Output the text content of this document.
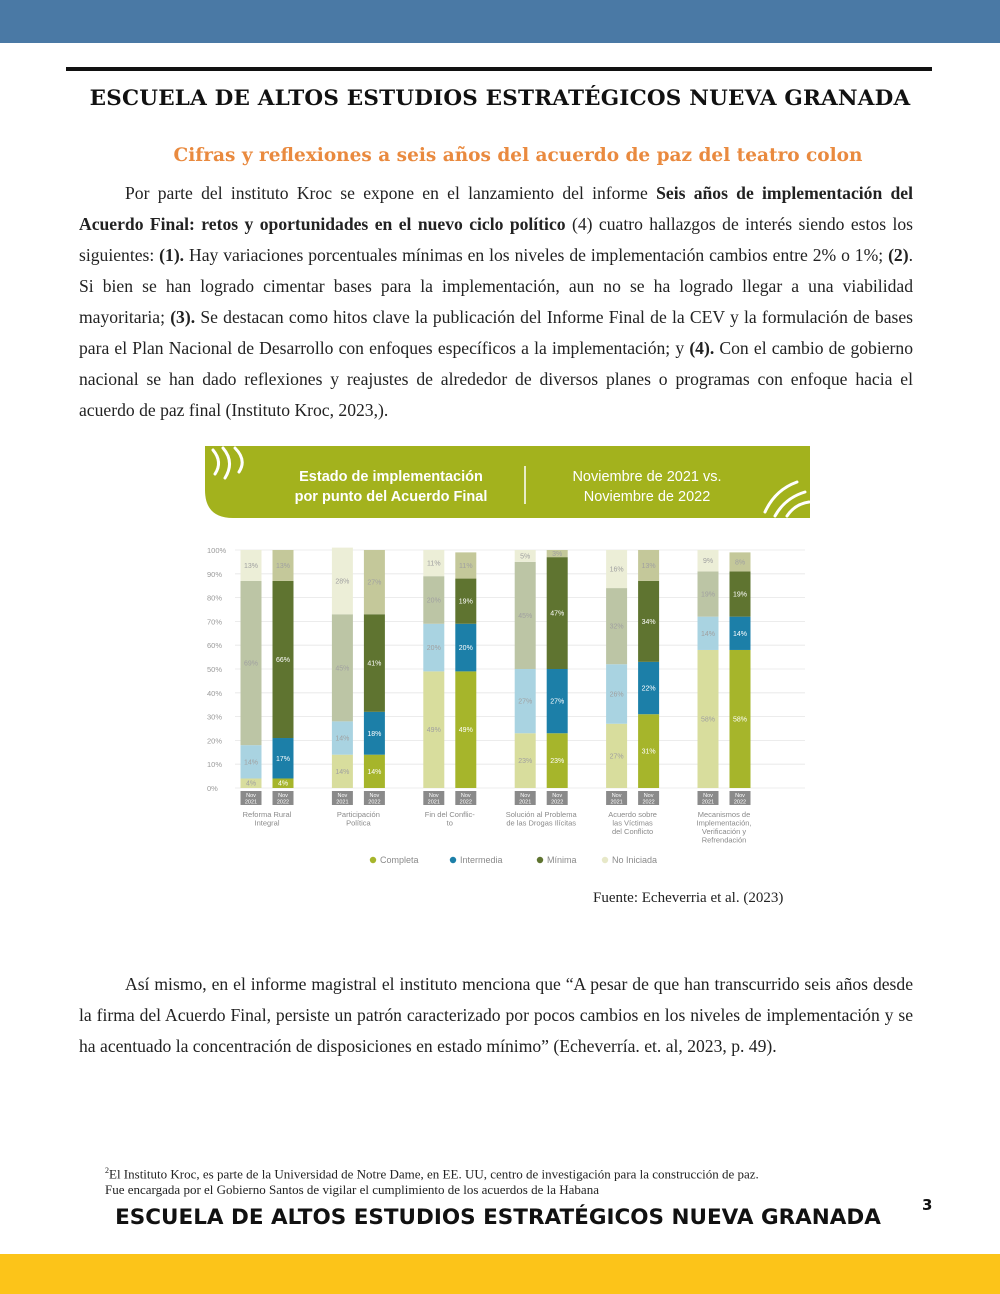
ESCUELA DE ALTOS ESTUDIOS ESTRATÉGICOS NUEVA GRANADA
Cifras y reflexiones a seis años del acuerdo de paz del teatro colon

Por parte del instituto Kroc se expone en el lanzamiento del informe Seis años de implementación del Acuerdo Final: retos y oportunidades en el nuevo ciclo político (4) cuatro hallazgos de interés siendo estos los siguientes: (1). Hay variaciones porcentuales mínimas en los niveles de implementación cambios entre 2% o 1%; (2). Si bien se han logrado cimentar bases para la implementación, aun no se ha logrado llegar a una viabilidad mayoritaria; (3). Se destacan como hitos clave la publicación del Informe Final de la CEV y la formulación de bases para el Plan Nacional de Desarrollo con enfoques específicos a la implementación; y (4). Con el cambio de gobierno nacional se han dado reflexiones y reajustes de alrededor de diversos planes o programas con enfoque hacia el acuerdo de paz final (Instituto Kroc, 2023,).

Estado de implementación
por punto del Acuerdo Final
Noviembre de 2021 vs.
Noviembre de 2022
0%
10%
20%
30%
40%
50%
60%
70%
80%
90%
100%
4%
14%
69%
13%
Nov
2021
4%
17%
66%
13%
Nov
2022
Reforma Rural
Integral
14%
14%
45%
28%
Nov
2021
14%
18%
41%
27%
Nov
2022
Participación
Política
49%
20%
20%
11%
Nov
2021
49%
20%
19%
11%
Nov
2022
Fin del Conflic-
to
23%
27%
45%
5%
Nov
2021
23%
27%
47%
3%
Nov
2022
Solución al Problema
de las Drogas Ilícitas
27%
26%
32%
16%
Nov
2021
31%
22%
34%
13%
Nov
2022
Acuerdo sobre
las Víctimas
del Conflicto
58%
14%
19%
9%
Nov
2021
58%
14%
19%
8%
Nov
2022
Mecanismos de
Implementación,
Verificación y
Refrendación
Completa	Intermedia	Mínima	No Iniciada
Fuente: Echeverria et al. (2023)

Así mismo, en el informe magistral el instituto menciona que “A pesar de que han transcurrido seis años desde la firma del Acuerdo Final, persiste un patrón caracterizado por pocos cambios en los niveles de implementación y se ha acentuado la concentración de disposiciones en estado mínimo” (Echeverría. et. al, 2023, p. 49).

$^2$El Instituto Kroc, es parte de la Universidad de Notre Dame, en EE. UU, centro de investigación para la construcción de paz.
Fue encargada por el Gobierno Santos de vigilar el cumplimiento de los acuerdos de la Habana
ESCUELA DE ALTOS ESTUDIOS ESTRATÉGICOS NUEVA GRANADA	3
